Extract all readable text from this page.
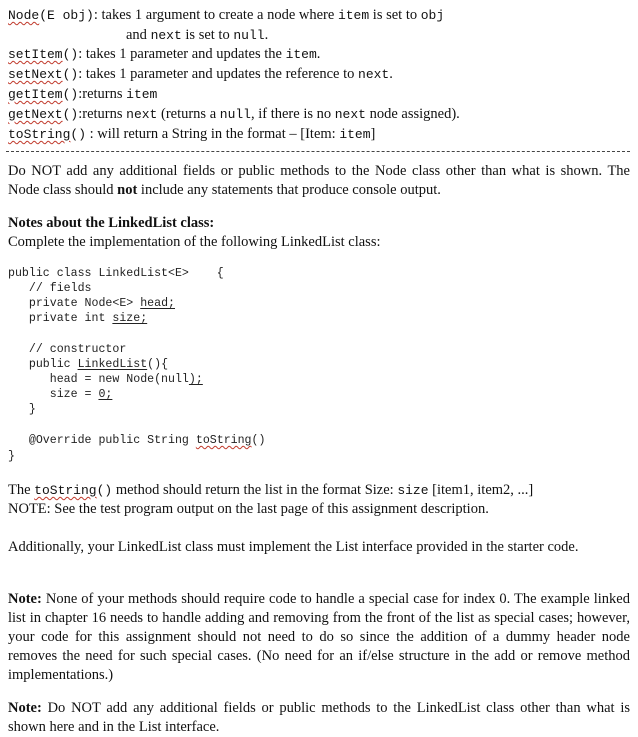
Node(E obj): takes 1 argument to create a node where item is set to obj
and next is set to null.
setItem(): takes 1 parameter and updates the item.
setNext(): takes 1 parameter and updates the reference to next.
getItem():returns item
getNext():returns next (returns a null, if there is no next node assigned).
toString() : will return a String in the format – [Item: item]
Do NOT add any additional fields or public methods to the Node class other than what is shown. The Node class should not include any statements that produce console output.
Notes about the LinkedList class:
Complete the implementation of the following LinkedList class:
public class LinkedList<E>    {
// fields
private Node<E> head;
private int size;
// constructor
public LinkedList(){
head = new Node(null);
size = 0;
}
@Override public String toString()
}
The toString() method should return the list in the format Size: size [item1, item2, ...]
NOTE: See the test program output on the last page of this assignment description.
Additionally, your LinkedList class must implement the List interface provided in the starter code.
Note: None of your methods should require code to handle a special case for index 0. The example linked list in chapter 16 needs to handle adding and removing from the front of the list as special cases; however, your code for this assignment should not need to do so since the addition of a dummy header node removes the need for such special cases. (No need for an if/else structure in the add or remove method implementations.)
Note: Do NOT add any additional fields or public methods to the LinkedList class other than what is shown here and in the List interface.
